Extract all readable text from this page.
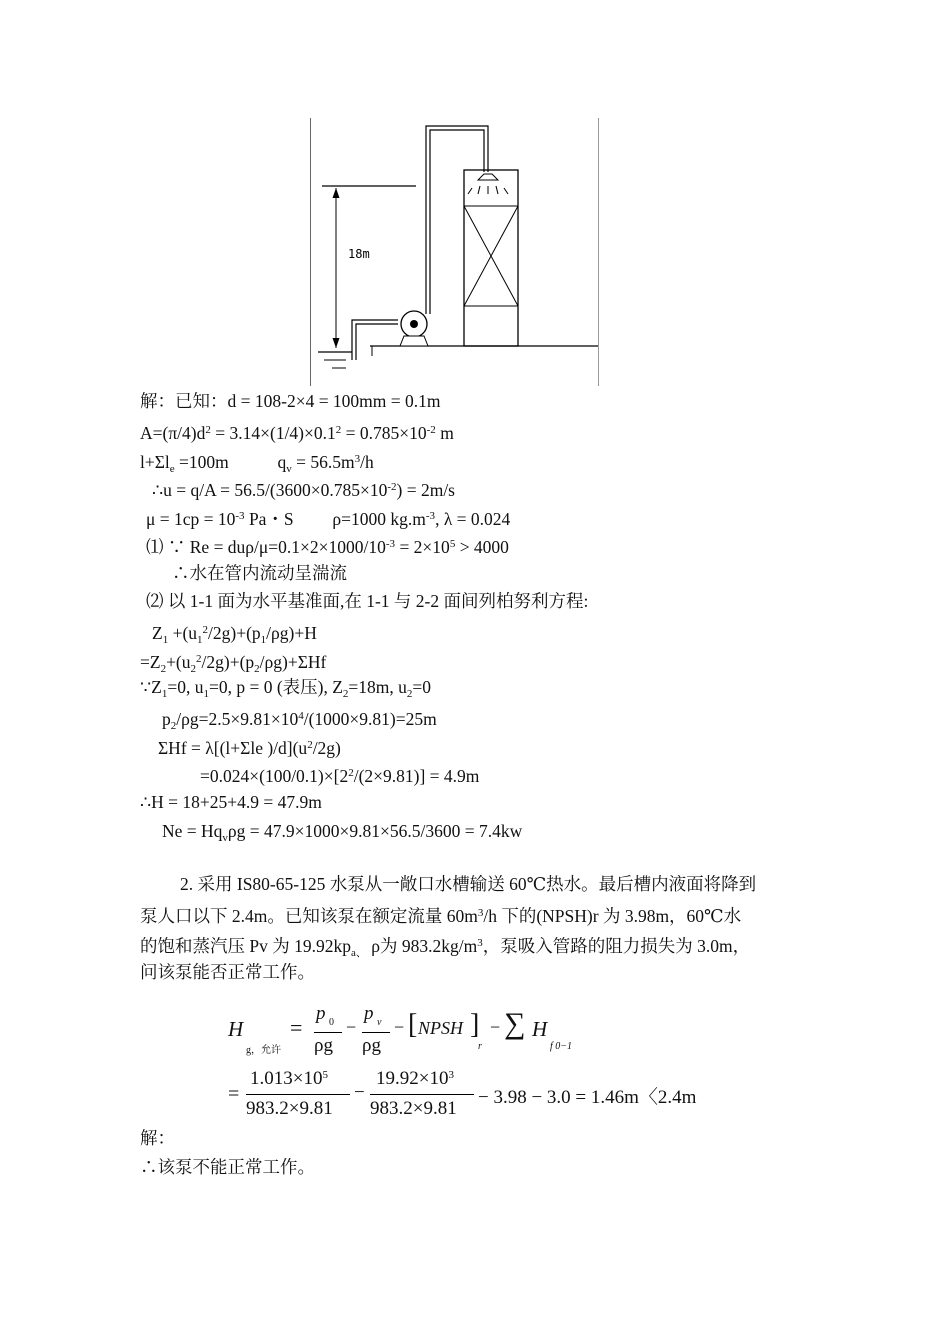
18m
解：已知：d = 108-2×4 = 100mm = 0.1m
$A=(\pi/4)d^2 = 3.14\times(1/4)\times 0.1^2 = 0.785\times 10^{-2}$ m
$l+\Sigma l_e =100m$	$q_v = 56.5m^3/h$
∴u = $q/A = 56.5/(3600\times 0.785\times 10^{-2}) = 2m/s$
$\mu = 1cp = 10^{-3}$ Pa・S ρ=1000 $kg.m^{-3}$, λ = 0.024
⑴ ∵ Re = duρ/$\mu=0.1\times 2\times 1000/10^{-3} = 2\times 10^5 > 4000$
∴水在管内流动呈湍流
⑵ 以 1-1 面为水平基准面,在 1-1 与 2-2 面间列柏努利方程:
$Z_1 +(u_1^2/2g)+(p_1/\rho g)+H$
$=Z_2+(u_2^2/2g)+(p_2/\rho g)+\Sigma Hf$
$\because Z_1=0$, $u_1=0$, p = 0 (表压), $Z_2=18m$, $u_2=0$
$p_2/\rho g=2.5\times 9.81\times 10^4/(1000\times 9.81)=25m$
ΣHf = λ[(l+Σle )$/d](u^2/2g)$
$=0.024\times(100/0.1)\times[2^2/(2\times 9.81)] = 4.9m$
∴H = 18+25+4.9 = 47.9m
$Ne = Hq_v\rho g = 47.9\times 1000\times 9.81\times 56.5/3600 = 7.4kw$
2. 采用 IS80-65-125 水泵从一敞口水槽输送 60℃热水。最后槽内液面将降到
泵人口以下 2.4m。已知该泵在额定流量 $60m^3/h$ 下的(NPSH)r 为 3.98m，60℃水
的饱和蒸汽压 Pv 为 $19.92kp_{a、}$ ρ为 $983.2kg/m^3$，泵吸入管路的阻力损失为 3.0m，
问该泵能否正常工作。
H
g，允许
=
p 0
ρg
−
p v
ρg
− [ NPSH ]
r
− ∑ H
f 0−1
=
$1.013\times 10^5$
983.2×9.81
−
$19.92\times 10^3$
983.2×9.81
− 3.98 − 3.0 = 1.46m〈2.4m
解：
∴该泵不能正常工作。
